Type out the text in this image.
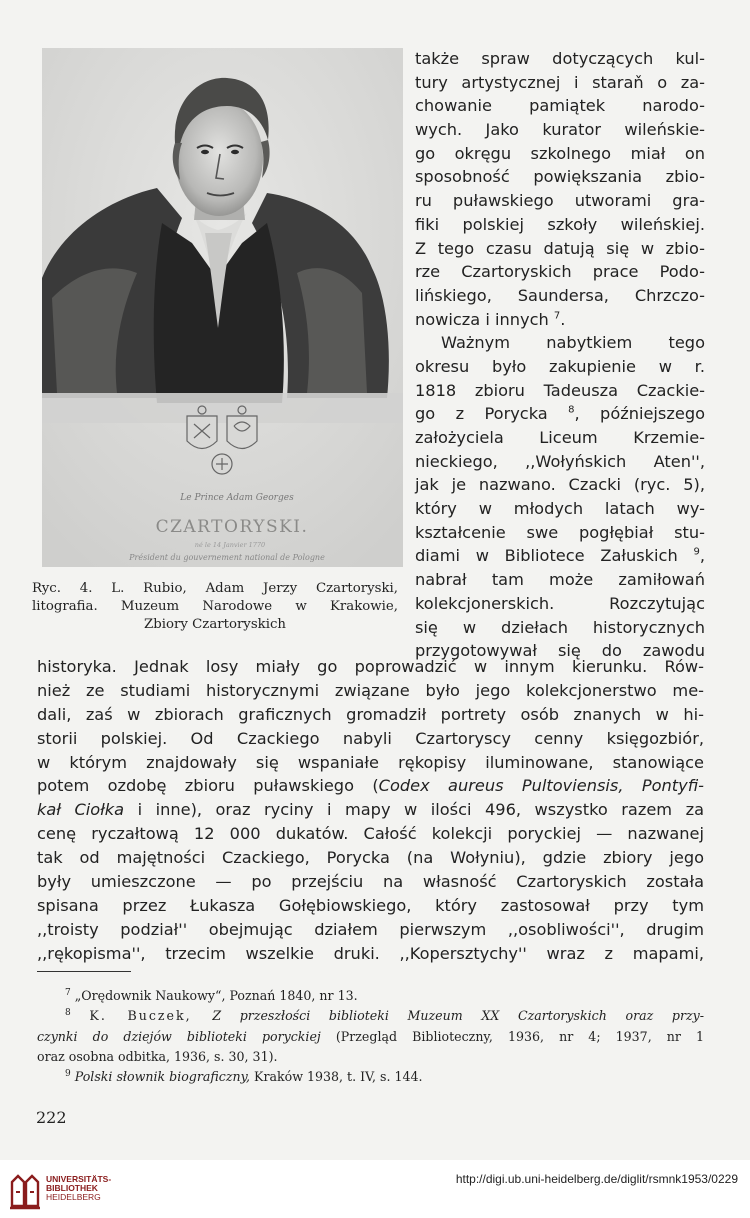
Le Prince Adam Georges
CZARTORYSKI.
né le 14 Janvier 1770
Président du gouvernement national de Pologne
Ryc. 4. L. Rubio, Adam Jerzy Czartoryski,
litografia. Muzeum Narodowe w Krakowie,
Zbiory Czartoryskich
także spraw dotyczących kul-
tury artystycznej i staraň o za-
chowanie pamiątek narodo-
wych. Jako kurator wileńskie-
go okręgu szkolnego miał on
sposobność powiększania zbio-
ru puławskiego utworami gra-
fiki polskiej szkoły wileńskiej.
Z tego czasu datują się w zbio-
rze Czartoryskich prace Podo-
lińskiego, Saundersa, Chrzczo-
nowicza i innych $^7$.
Ważnym nabytkiem tego
okresu było zakupienie w r.
1818 zbioru Tadeusza Czackie-
go z Porycka $^8$, późniejszego
założyciela Liceum Krzemie-
nieckiego, ,,Wołyńskich Aten'',
jak je nazwano. Czacki (ryc. 5),
który w młodych latach wy-
kształcenie swe pogłębiał stu-
diami w Bibliotece Załuskich $^9$,
nabrał tam może zamiłowań
kolekcjonerskich. Rozczytując
się w dziełach historycznych
przygotowywał się do zawodu
historyka. Jednak losy miały go poprowadzić w innym kierunku. Rów-
nież ze studiami historycznymi związane było jego kolekcjonerstwo me-
dali, zaś w zbiorach graficznych gromadził portrety osób znanych w hi-
storii polskiej. Od Czackiego nabyli Czartoryscy cenny księgozbiór,
w którym znajdowały się wspaniałe rękopisy iluminowane, stanowiące
potem ozdobę zbioru puławskiego (Codex aureus Pultoviensis, Pontyfi-
kał Ciołka i inne), oraz ryciny i mapy w ilości 496, wszystko razem za
cenę ryczałtową 12 000 dukatów. Całość kolekcji poryckiej — nazwanej
tak od majętności Czackiego, Porycka (na Wołyniu), gdzie zbiory jego
były umieszczone — po przejściu na własność Czartoryskich została
spisana przez Łukasza Gołębiowskiego, który zastosował przy tym
,,troisty podział'' obejmując działem pierwszym ,,osobliwości'', drugim
,,rękopisma'', trzecim wszelkie druki. ,,Kopersztychy'' wraz z mapami,
$^7$ „Orędownik Naukowy“, Poznań 1840, nr 13.
$^8$ K. Buczek, Z przeszłości biblioteki Muzeum XX Czartoryskich oraz przy-
czynki do dziejów biblioteki poryckiej (Przegląd Biblioteczny, 1936, nr 4; 1937, nr 1
oraz osobna odbitka, 1936, s. 30, 31).
$^9$ Polski słownik biograficzny, Kraków 1938, t. IV, s. 144.
222
UNIVERSITÄTS-
BIBLIOTHEK
HEIDELBERG
http://digi.ub.uni-heidelberg.de/diglit/rsmnk1953/0229
